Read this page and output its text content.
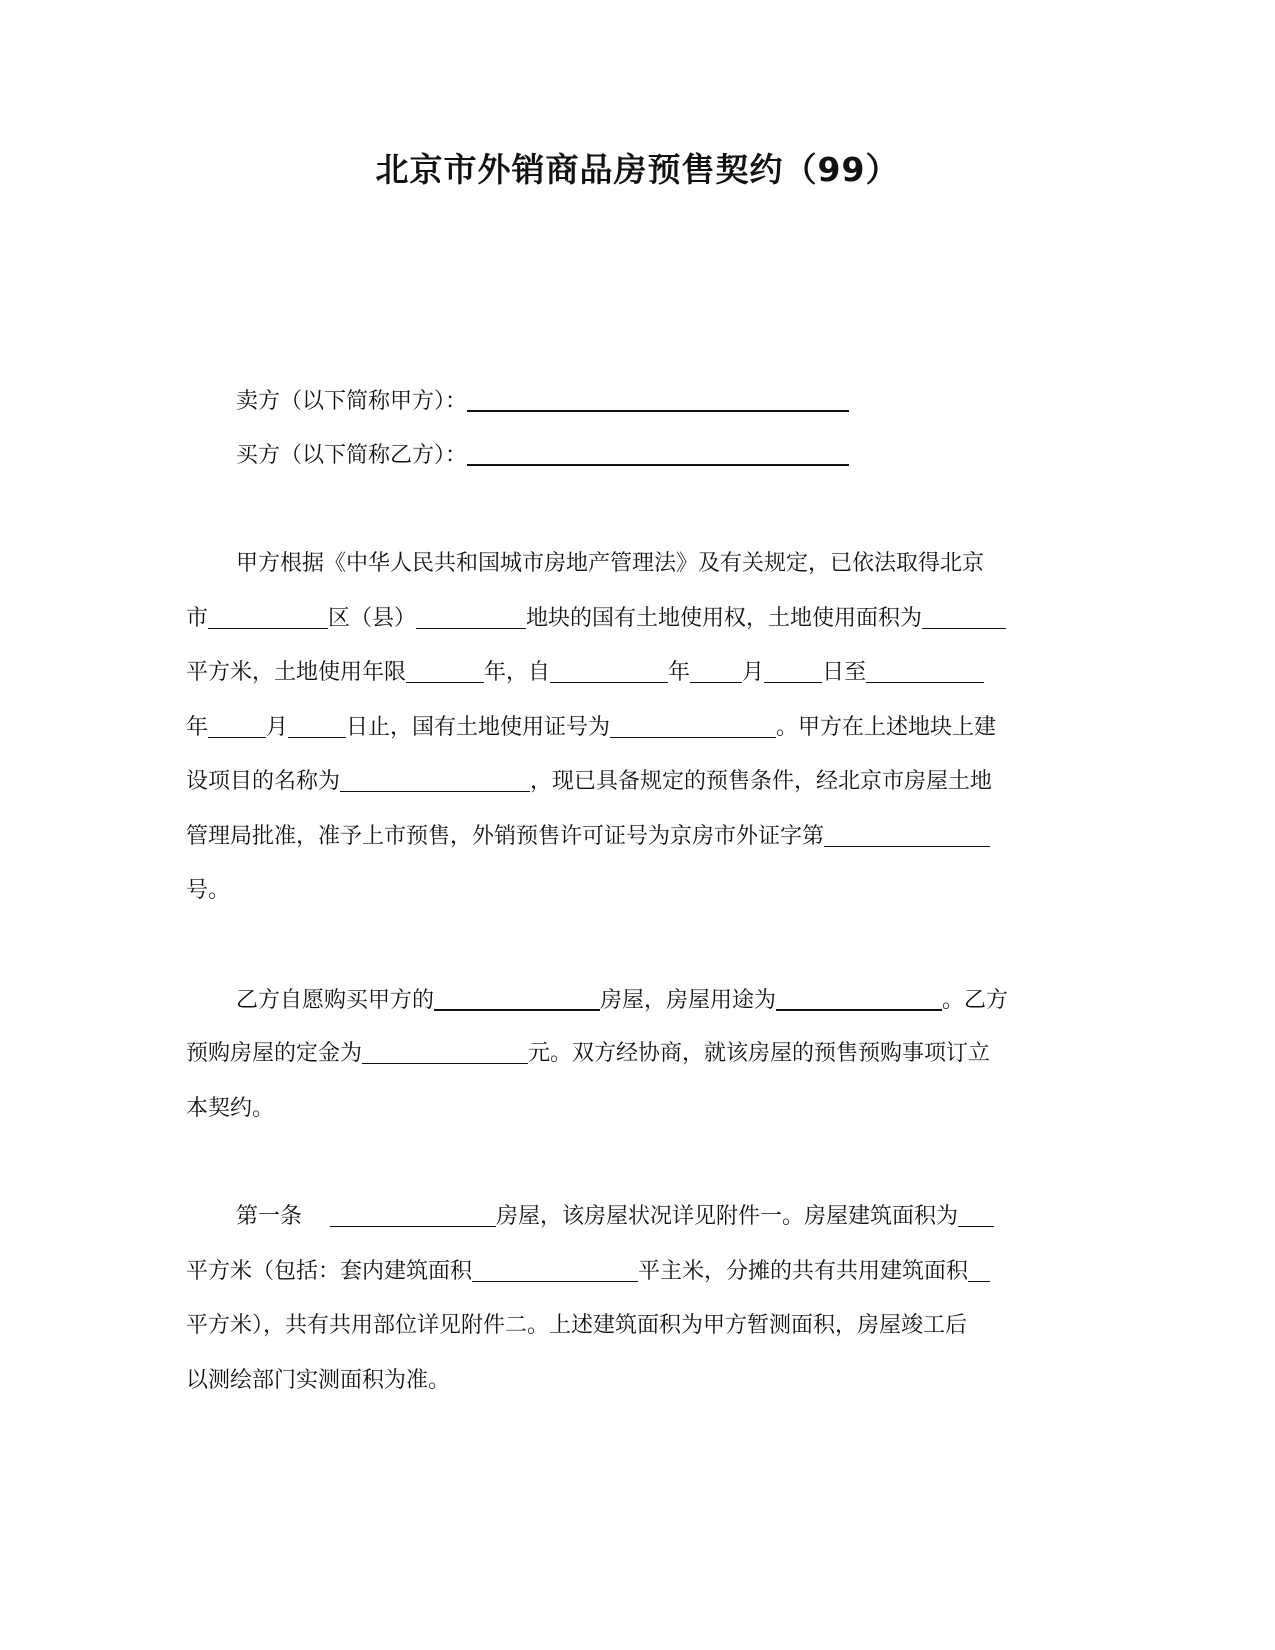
北京市外销商品房预售契约（99）
卖方（以下简称甲方）：
买方（以下简称乙方）：
甲方根据《中华人民共和国城市房地产管理法》及有关规定，已依法取得北京
市	区（县）	地块的国有土地使用权，土地使用面积为
平方米，土地使用年限	年，自	年 月	日至
年	月	日止，国有土地使用证号为	。甲方在上述地块上建
设项目的名称为	，现已具备规定的预售条件，经北京市房屋土地
管理局批准，准予上市预售，外销预售许可证号为京房市外证字第
号。
乙方自愿购买甲方的	房屋，房屋用途为	。乙方
预购房屋的定金为	元。双方经协商，就该房屋的预售预购事项订立
本契约。
第一条	房屋，该房屋状况详见附件一。房屋建筑面积为
平方米（包括：套内建筑面积	平主米，分摊的共有共用建筑面积
平方米），共有共用部位详见附件二。上述建筑面积为甲方暂测面积，房屋竣工后
以测绘部门实测面积为准。
